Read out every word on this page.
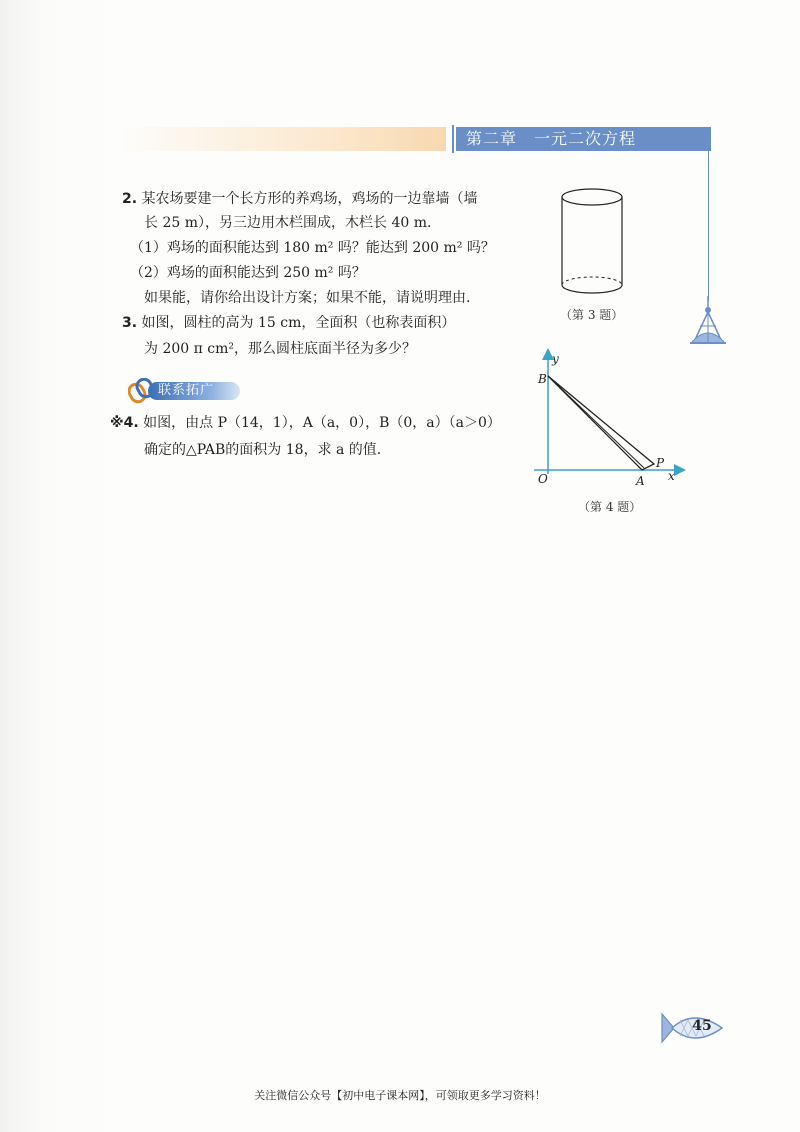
第二章　一元二次方程
2. 某农场要建一个长方形的养鸡场，鸡场的一边靠墙（墙
长 25 m），另三边用木栏围成，木栏长 40 m.
（1）鸡场的面积能达到 180 m² 吗？能达到 200 m² 吗？
（2）鸡场的面积能达到 250 m² 吗？
如果能，请你给出设计方案；如果不能，请说明理由.
3. 如图，圆柱的高为 15 cm，全面积（也称表面积）
为 200 π cm²，那么圆柱底面半径为多少？
联系拓广
※4. 如图，由点 P（14，1），A（a，0），B（0，a）（a＞0）
确定的△PAB的面积为 18，求 a 的值.
（第 3 题）
y
x
O	A
B
P
（第 4 题）
45
关注微信公众号【初中电子课本网】，可领取更多学习资料！
